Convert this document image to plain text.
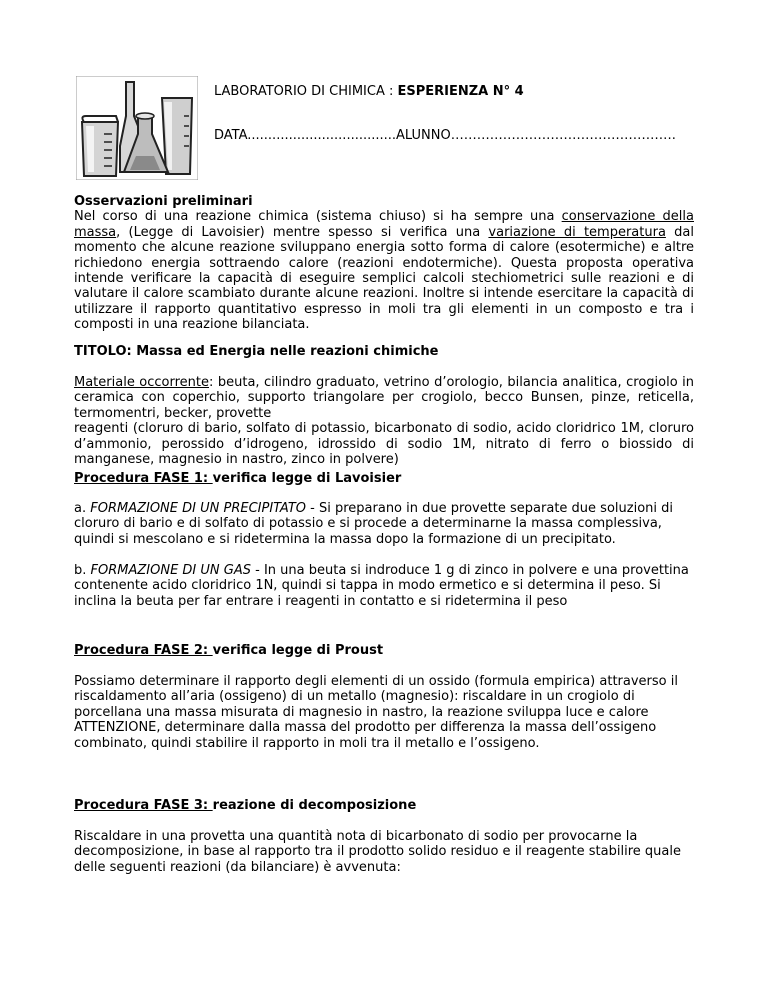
LABORATORIO DI CHIMICA : ESPERIENZA N° 4
DATA....................................ALUNNO…………………………………………….

Osservazioni preliminari

Nel corso di una reazione chimica (sistema chiuso) si ha sempre una conservazione della massa, (Legge di Lavoisier) mentre spesso si verifica una variazione di temperatura dal momento che alcune reazione sviluppano energia sotto forma di calore (esotermiche) e altre richiedono energia sottraendo calore (reazioni endotermiche). Questa proposta operativa intende verificare la capacità di eseguire semplici calcoli stechiometrici sulle reazioni e di valutare il calore scambiato durante alcune reazioni. Inoltre si intende esercitare la capacità di utilizzare il rapporto quantitativo espresso in moli tra gli elementi in un composto e tra i composti in una reazione bilanciata.

TITOLO: Massa ed Energia nelle reazioni chimiche

Materiale occorrente: beuta, cilindro graduato, vetrino d’orologio, bilancia analitica, crogiolo in ceramica con coperchio, supporto triangolare per crogiolo, becco Bunsen, pinze, reticella, termomentri, becker, provette

reagenti (cloruro di bario, solfato di potassio, bicarbonato di sodio, acido cloridrico 1M, cloruro d’ammonio, perossido d’idrogeno, idrossido di sodio 1M, nitrato di ferro o biossido di manganese, magnesio in nastro, zinco in polvere)

Procedura FASE 1: verifica legge di Lavoisier
a. FORMAZIONE DI UN PRECIPITATO - Si preparano in due provette separate due soluzioni di cloruro di bario e di solfato di potassio e si procede a determinarne la massa complessiva, quindi si mescolano e si ridetermina la massa dopo la formazione di un precipitato.
b. FORMAZIONE DI UN GAS - In una beuta si indroduce 1 g di zinco in polvere e una provettina contenente acido cloridrico 1N, quindi si tappa in modo ermetico e si determina il peso. Si inclina la beuta per far entrare i reagenti in contatto e si ridetermina il peso
Procedura FASE 2: verifica legge di Proust
Possiamo determinare il rapporto degli elementi di un ossido (formula empirica) attraverso il riscaldamento all’aria (ossigeno) di un metallo (magnesio): riscaldare in un crogiolo di porcellana una massa misurata di magnesio in nastro, la reazione sviluppa luce e calore ATTENZIONE, determinare dalla massa del prodotto per differenza la massa dell’ossigeno combinato, quindi stabilire il rapporto in moli tra il metallo e l’ossigeno.
Procedura FASE 3: reazione di decomposizione
Riscaldare in una provetta una quantità nota di bicarbonato di sodio per provocarne la decomposizione, in base al rapporto tra il prodotto solido residuo e il reagente stabilire quale delle seguenti reazioni (da bilanciare) è avvenuta:
